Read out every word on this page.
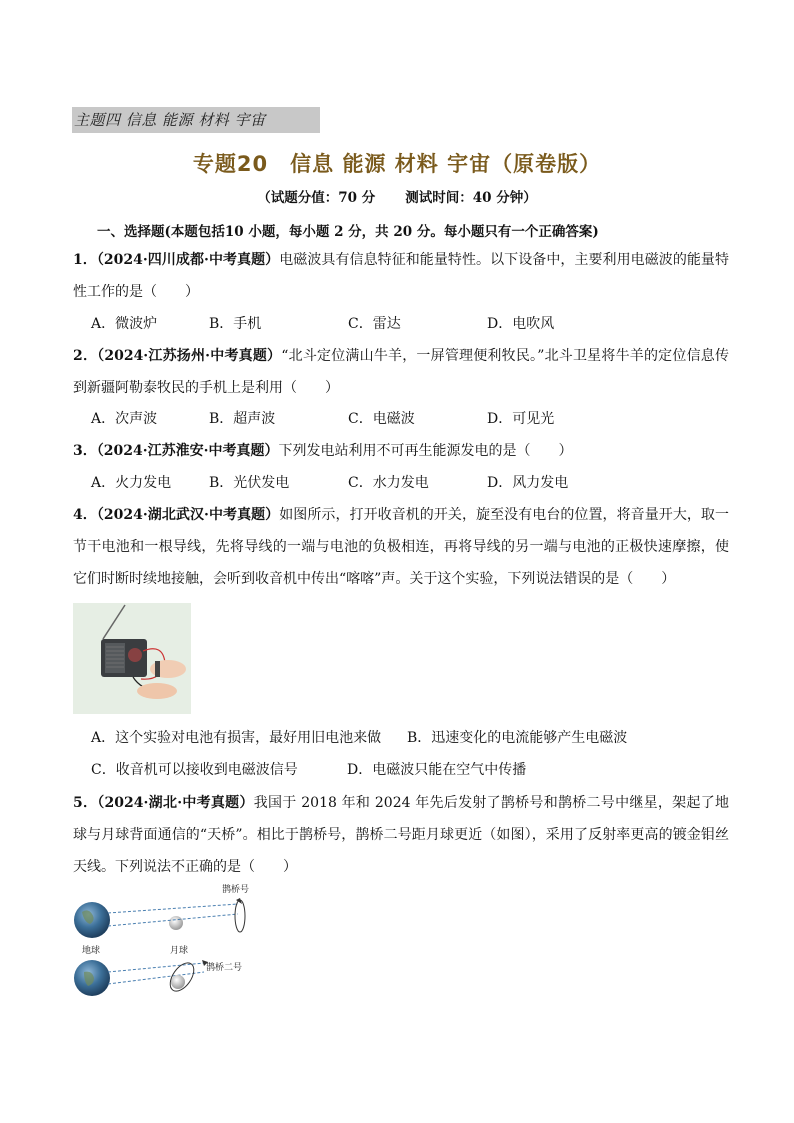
主题四 信息 能源 材料 宇宙
专题20　信息 能源 材料 宇宙（原卷版）
（试题分值：70 分 测试时间：40 分钟）
一、选择题(本题包括10 小题，每小题 2 分，共 20 分。每小题只有一个正确答案)
1．（2024·四川成都·中考真题）电磁波具有信息特征和能量特性。以下设备中，主要利用电磁波的能量特性工作的是（　　）
A．微波炉	B．手机	C．雷达	D．电吹风
2．（2024·江苏扬州·中考真题）“北斗定位满山牛羊，一屏管理便利牧民。”北斗卫星将牛羊的定位信息传到新疆阿勒泰牧民的手机上是利用（　　）
A．次声波	B．超声波	C．电磁波	D．可见光
3．（2024·江苏淮安·中考真题）下列发电站利用不可再生能源发电的是（　　）
A．火力发电	B．光伏发电	C．水力发电	D．风力发电
4．（2024·湖北武汉·中考真题）如图所示，打开收音机的开关，旋至没有电台的位置，将音量开大，取一节干电池和一根导线，先将导线的一端与电池的负极相连，再将导线的另一端与电池的正极快速摩擦，使它们时断时续地接触，会听到收音机中传出“喀喀”声。关于这个实验，下列说法错误的是（　　）
A．这个实验对电池有损害，最好用旧电池来做 B．迅速变化的电流能够产生电磁波
C．收音机可以接收到电磁波信号	D．电磁波只能在空气中传播
5．（2024·湖北·中考真题）我国于 2018 年和 2024 年先后发射了鹊桥号和鹊桥二号中继星，架起了地球与月球背面通信的“天桥”。相比于鹊桥号，鹊桥二号距月球更近（如图），采用了反射率更高的镀金钼丝天线。下列说法不正确的是（　　）
鹊桥号
地球	月球
鹊桥二号
